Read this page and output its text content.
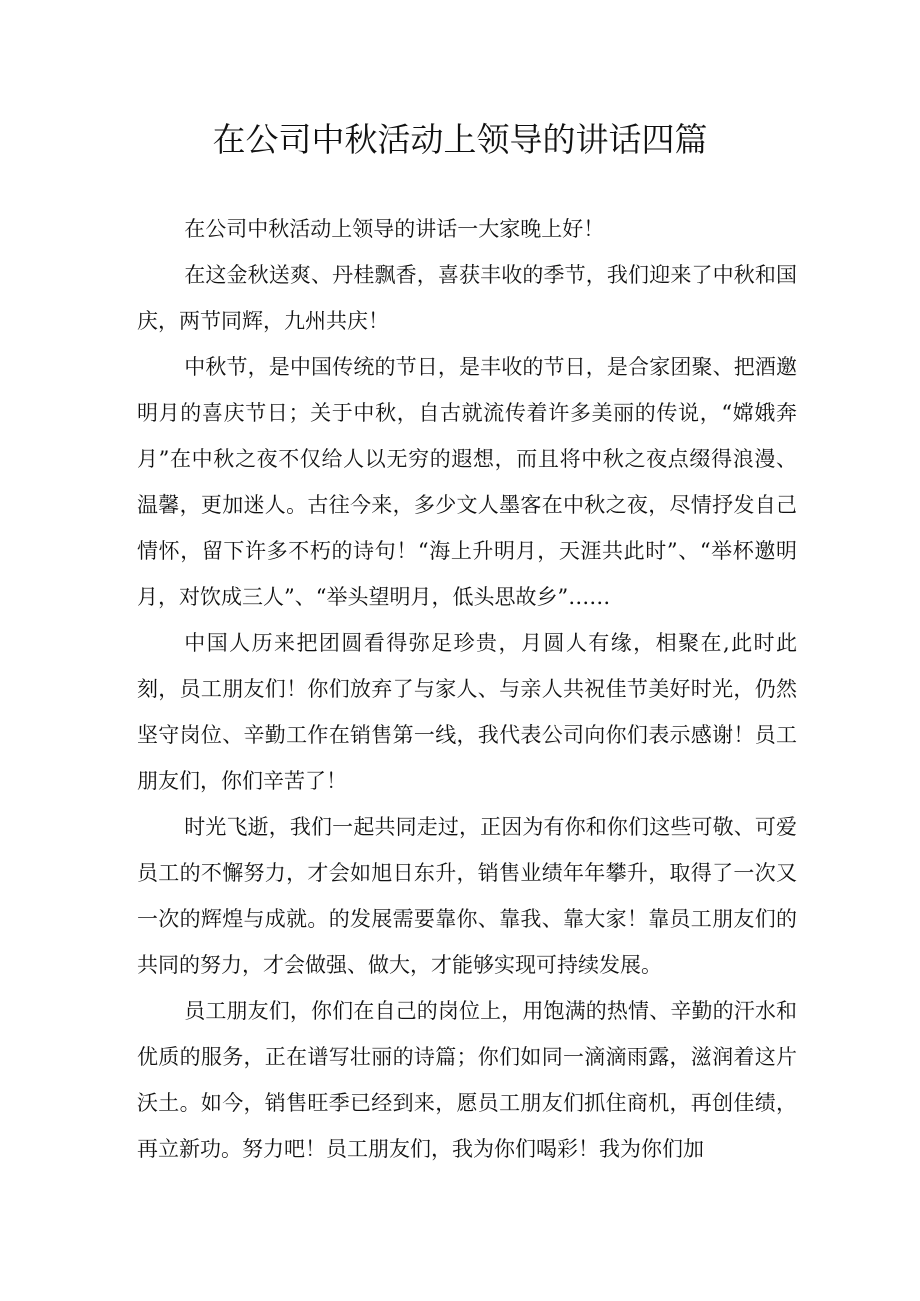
在公司中秋活动上领导的讲话四篇

在公司中秋活动上领导的讲话一大家晚上好！

在这金秋送爽、丹桂飘香，喜获丰收的季节，我们迎来了中秋和国庆，两节同辉，九州共庆！

中秋节，是中国传统的节日，是丰收的节日，是合家团聚、把酒邀明月的喜庆节日；关于中秋，自古就流传着许多美丽的传说，“嫦娥奔月”在中秋之夜不仅给人以无穷的遐想，而且将中秋之夜点缀得浪漫、温馨，更加迷人。古往今来，多少文人墨客在中秋之夜，尽情抒发自己情怀，留下许多不朽的诗句！“海上升明月，天涯共此时”、“举杯邀明月，对饮成三人”、“举头望明月，低头思故乡”……

中国人历来把团圆看得弥足珍贵，月圆人有缘，相聚在,此时此刻，员工朋友们！你们放弃了与家人、与亲人共祝佳节美好时光，仍然坚守岗位、辛勤工作在销售第一线，我代表公司向你们表示感谢！员工朋友们，你们辛苦了！

时光飞逝，我们一起共同走过，正因为有你和你们这些可敬、可爱员工的不懈努力，才会如旭日东升，销售业绩年年攀升，取得了一次又一次的辉煌与成就。的发展需要靠你、靠我、靠大家！靠员工朋友们的共同的努力，才会做强、做大，才能够实现可持续发展。

员工朋友们，你们在自己的岗位上，用饱满的热情、辛勤的汗水和优质的服务，正在谱写壮丽的诗篇；你们如同一滴滴雨露，滋润着这片沃土。如今，销售旺季已经到来，愿员工朋友们抓住商机，再创佳绩，再立新功。努力吧！员工朋友们，我为你们喝彩！我为你们加
